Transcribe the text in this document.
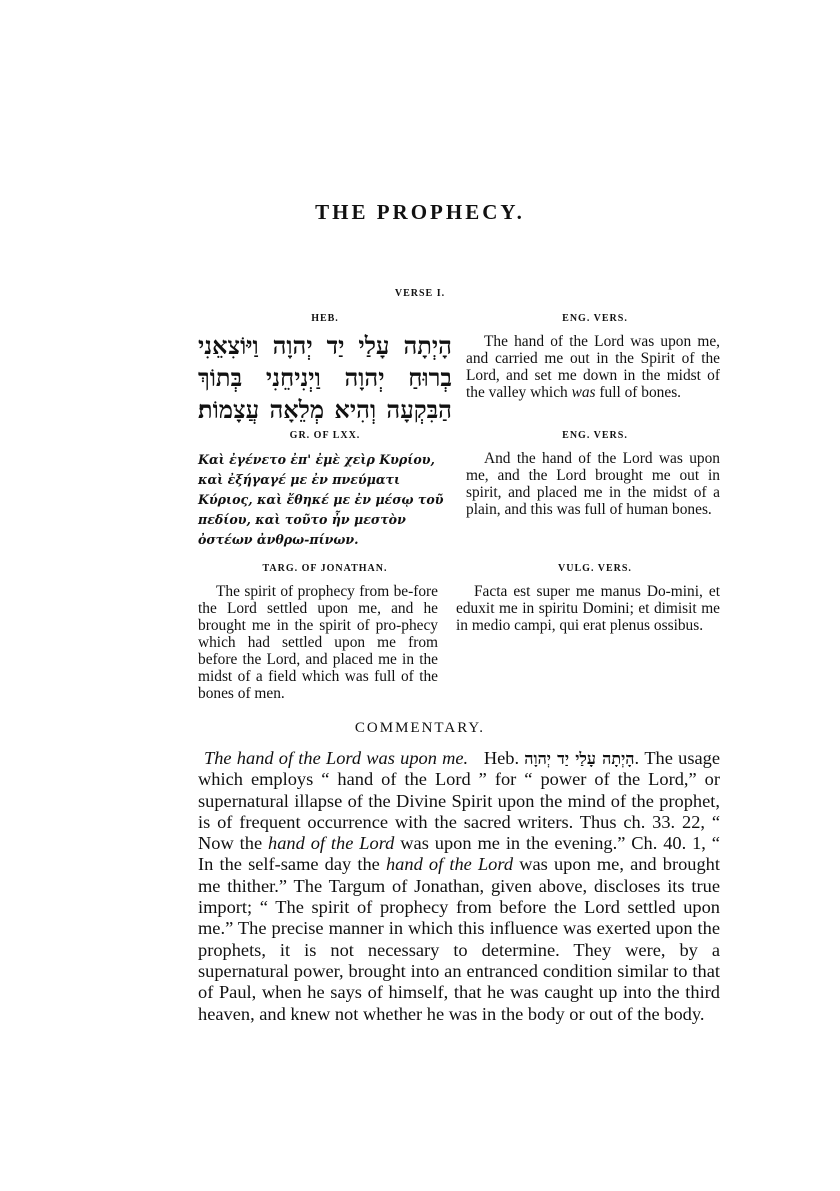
THE PROPHECY.
VERSE I.
HEB.
הָיְתָה עָלַי יַד יְהוָה וַיּוֹצִאֵנִי
בְרוּחַ יְהוָה וַיְנִיחֵנִי בְּתוֹךְ
הַבִּקְעָה וְהִיא מְלֵאָה עֲצָמוֹת׃
ENG. VERS.
The hand of the Lord was upon me, and carried me out in the Spirit of the Lord, and set me down in the midst of the valley which was full of bones.
GR. OF LXX.
Καὶ ἐγένετο ἐπ' ἐμὲ χεὶρ Κυρίου, καὶ ἐξήγαγέ με ἐν πνεύματι Κύριος, καὶ ἔθηκέ με ἐν μέσῳ τοῦ πεδίου, καὶ τοῦτο ἦν μεστὸν ὀστέων ἀνθρω-πίνων.
ENG. VERS.
And the hand of the Lord was upon me, and the Lord brought me out in spirit, and placed me in the midst of a plain, and this was full of human bones.
TARG. OF JONATHAN.
The spirit of prophecy from be-fore the Lord settled upon me, and he brought me in the spirit of pro-phecy which had settled upon me from before the Lord, and placed me in the midst of a field which was full of the bones of men.
VULG. VERS.
Facta est super me manus Do-mini, et eduxit me in spiritu Domini; et dimisit me in medio campi, qui erat plenus ossibus.
COMMENTARY.

The hand of the Lord was upon me. Heb. הָיְתָה עָלַי יַד יְהוָה. The usage which employs “ hand of the Lord ” for “ power of the Lord,” or supernatural illapse of the Divine Spirit upon the mind of the prophet, is of frequent occurrence with the sacred writers. Thus ch. 33. 22, “ Now the hand of the Lord was upon me in the evening.” Ch. 40. 1, “ In the self-same day the hand of the Lord was upon me, and brought me thither.” The Targum of Jonathan, given above, discloses its true import; “ The spirit of prophecy from before the Lord settled upon me.” The precise manner in which this influence was exerted upon the prophets, it is not necessary to determine. They were, by a supernatural power, brought into an entranced condition similar to that of Paul, when he says of himself, that he was caught up into the third heaven, and knew not whether he was in the body or out of the body.
